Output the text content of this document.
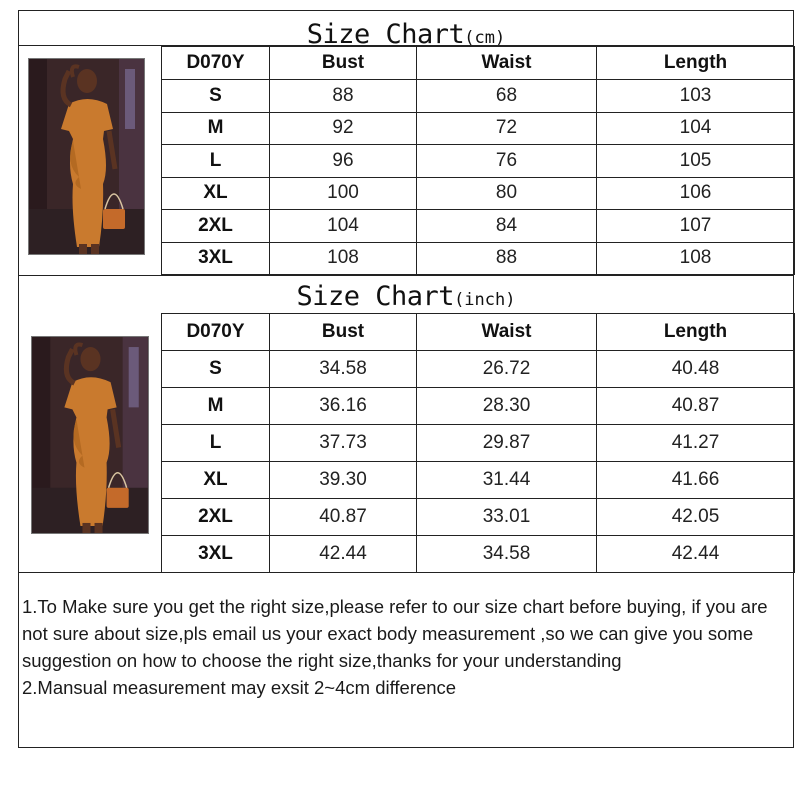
Size Chart(cm)
D070Y	Bust	Waist	Length
S	88	68	103
M	92	72	104
L	96	76	105
XL	100	80	106
2XL	104	84	107
3XL	108	88	108
Size Chart(inch)
D070Y	Bust	Waist	Length
S	34.58	26.72	40.48
M	36.16	28.30	40.87
L	37.73	29.87	41.27
XL	39.30	31.44	41.66
2XL	40.87	33.01	42.05
3XL	42.44	34.58	42.44

1.To Make sure you get the right size,please refer to our size chart before buying, if you are not sure about size,pls email us your exact body measurement ,so we can give you some suggestion on how to choose the right size,thanks for your understanding

2.Mansual measurement may exsit 2~4cm difference
